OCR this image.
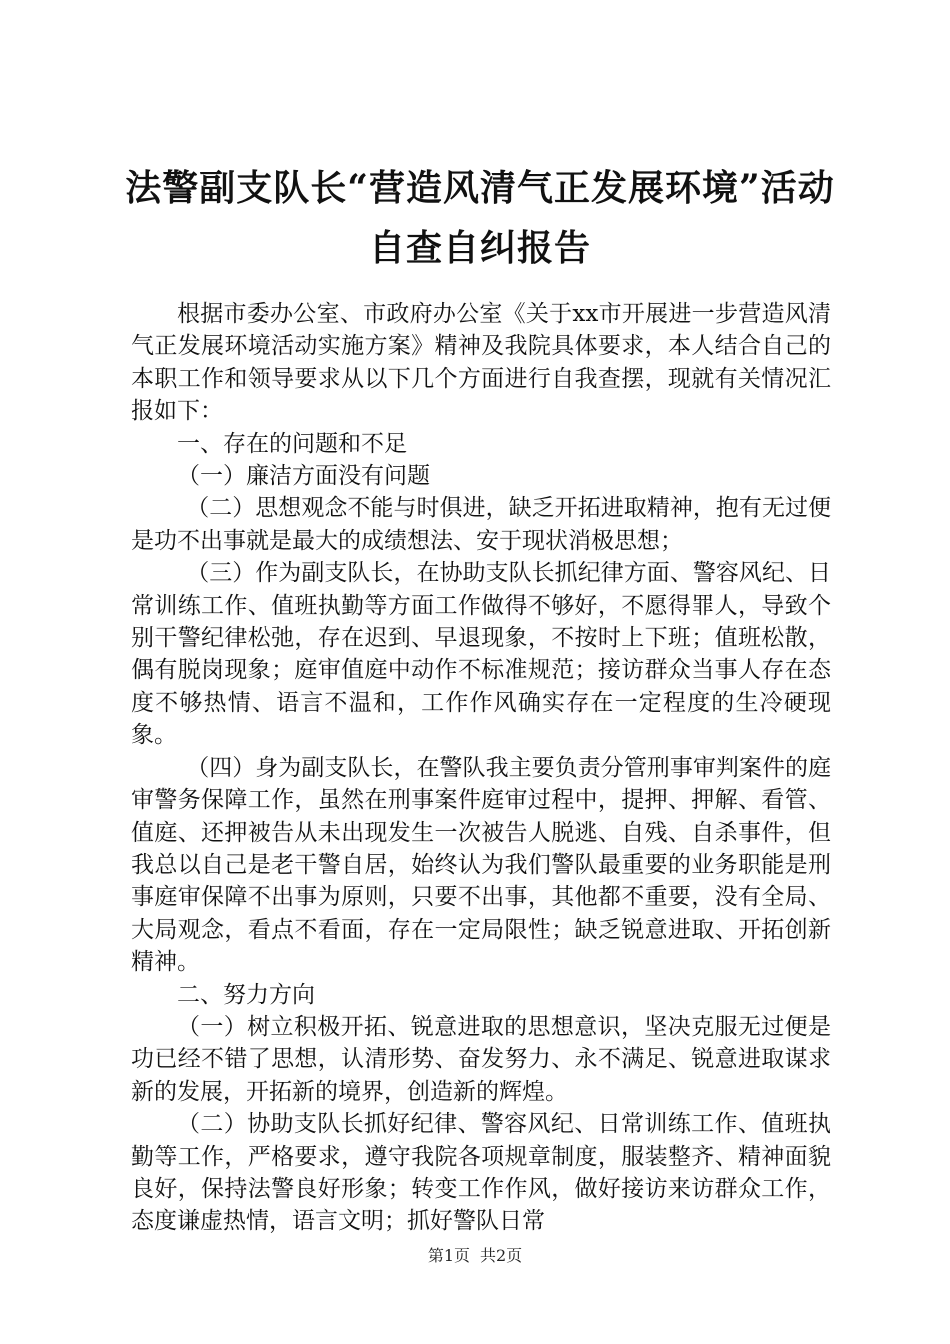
法警副支队长“营造风清气正发展环境”活动
自查自纠报告

根据市委办公室、市政府办公室《关于xx市开展进一步营造风清气正发展环境活动实施方案》精神及我院具体要求，本人结合自己的本职工作和领导要求从以下几个方面进行自我查摆，现就有关情况汇报如下：

一、存在的问题和不足

（一）廉洁方面没有问题

（二）思想观念不能与时俱进，缺乏开拓进取精神，抱有无过便是功不出事就是最大的成绩想法、安于现状消极思想；

（三）作为副支队长，在协助支队长抓纪律方面、警容风纪、日常训练工作、值班执勤等方面工作做得不够好，不愿得罪人，导致个别干警纪律松弛，存在迟到、早退现象，不按时上下班；值班松散，偶有脱岗现象；庭审值庭中动作不标准规范；接访群众当事人存在态度不够热情、语言不温和，工作作风确实存在一定程度的生冷硬现象。

（四）身为副支队长，在警队我主要负责分管刑事审判案件的庭审警务保障工作，虽然在刑事案件庭审过程中，提押、押解、看管、值庭、还押被告从未出现发生一次被告人脱逃、自残、自杀事件，但我总以自己是老干警自居，始终认为我们警队最重要的业务职能是刑事庭审保障不出事为原则，只要不出事，其他都不重要，没有全局、大局观念，看点不看面，存在一定局限性；缺乏锐意进取、开拓创新精神。

二、努力方向

（一）树立积极开拓、锐意进取的思想意识，坚决克服无过便是功已经不错了思想，认清形势、奋发努力、永不满足、锐意进取谋求新的发展，开拓新的境界，创造新的辉煌。

（二）协助支队长抓好纪律、警容风纪、日常训练工作、值班执勤等工作，严格要求，遵守我院各项规章制度，服装整齐、精神面貌良好，保持法警良好形象；转变工作作风，做好接访来访群众工作，态度谦虚热情，语言文明；抓好警队日常

第1页 共2页
